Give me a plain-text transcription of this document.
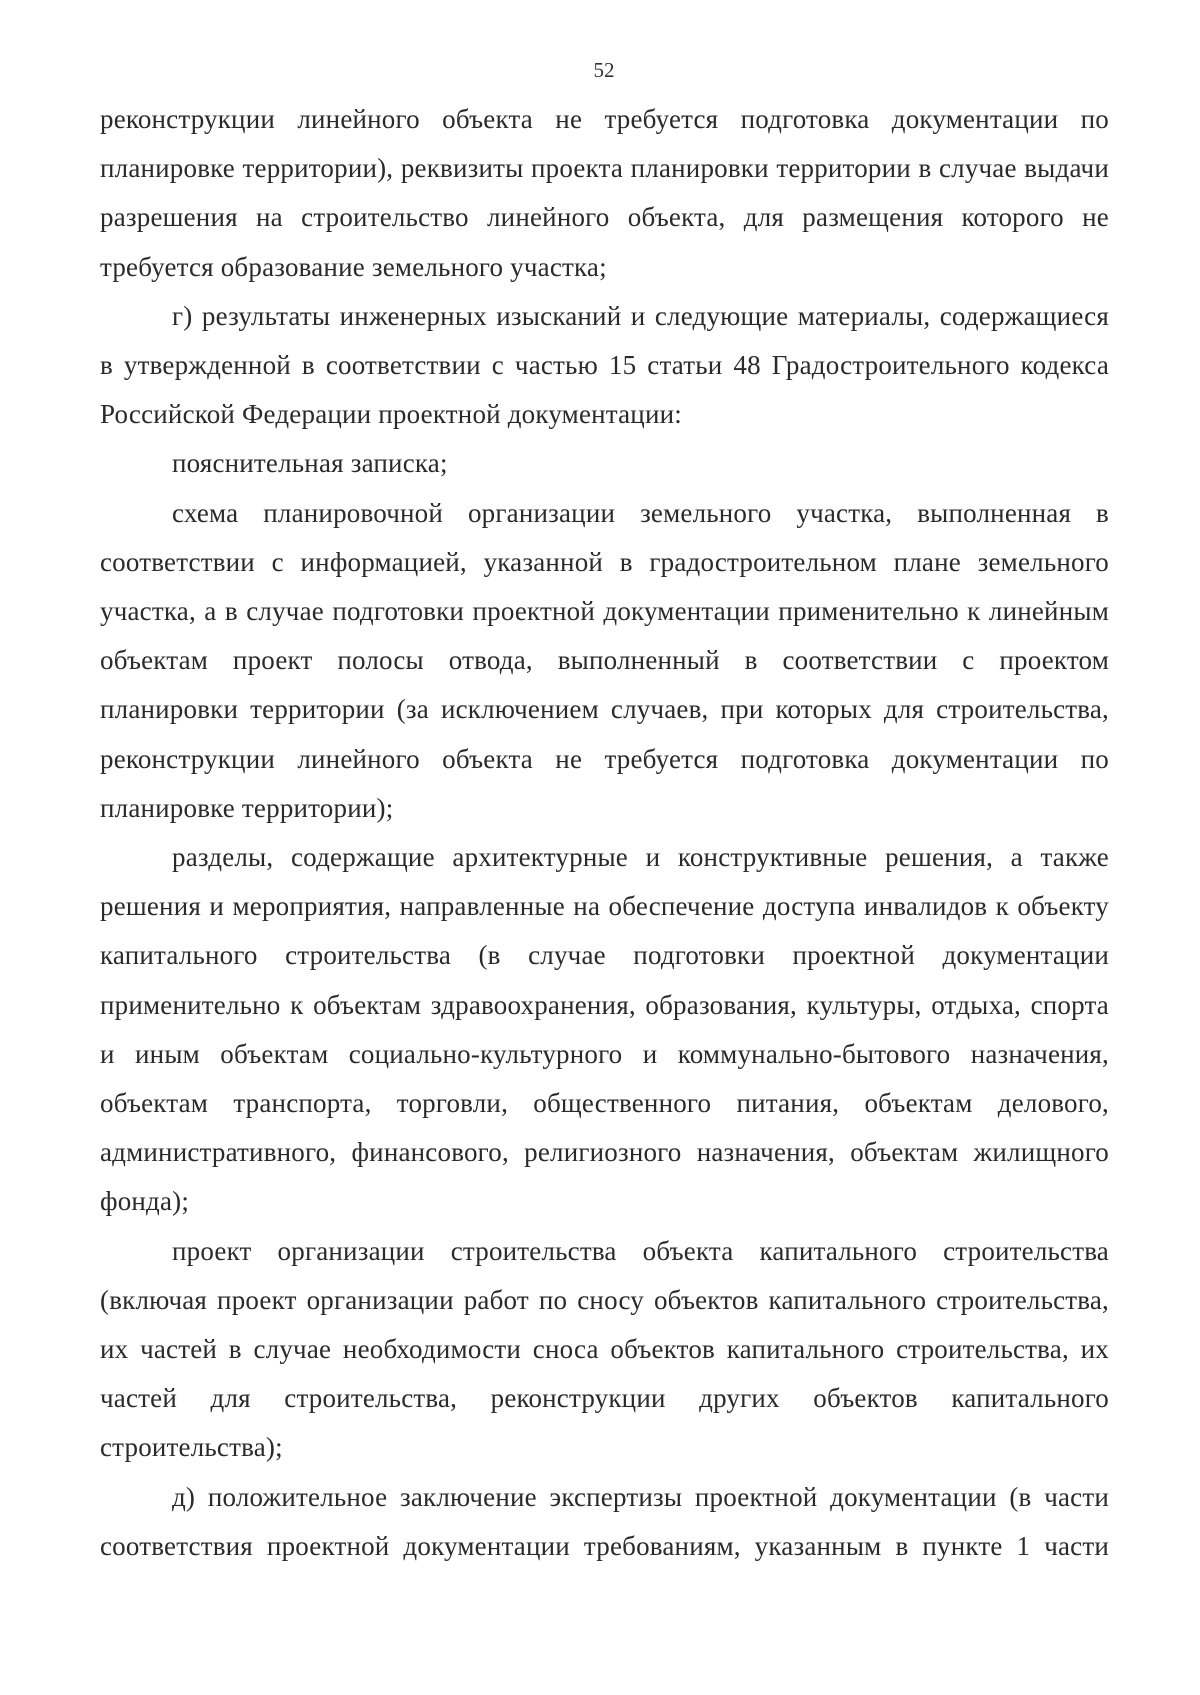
52

реконструкции линейного объекта не требуется подготовка документации по планировке территории), реквизиты проекта планировки территории в случае выдачи разрешения на строительство линейного объекта, для размещения которого не требуется образование земельного участка;

г) результаты инженерных изысканий и следующие материалы, содержащиеся в утвержденной в соответствии с частью 15 статьи 48 Градостроительного кодекса Российской Федерации проектной документации:

пояснительная записка;

схема планировочной организации земельного участка, выполненная в соответствии с информацией, указанной в градостроительном плане земельного участка, а в случае подготовки проектной документации применительно к линейным объектам проект полосы отвода, выполненный в соответствии с проектом планировки территории (за исключением случаев, при которых для строительства, реконструкции линейного объекта не требуется подготовка документации по планировке территории);

разделы, содержащие архитектурные и конструктивные решения, а также решения и мероприятия, направленные на обеспечение доступа инвалидов к объекту капитального строительства (в случае подготовки проектной документации применительно к объектам здравоохранения, образования, культуры, отдыха, спорта и иным объектам социально-культурного и коммунально-бытового назначения, объектам транспорта, торговли, общественного питания, объектам делового, административного, финансового, религиозного назначения, объектам жилищного фонда);

проект организации строительства объекта капитального строительства (включая проект организации работ по сносу объектов капитального строительства, их частей в случае необходимости сноса объектов капитального строительства, их частей для строительства, реконструкции других объектов капитального строительства);

д) положительное заключение экспертизы проектной документации (в части соответствия проектной документации требованиям, указанным в пункте 1 части
